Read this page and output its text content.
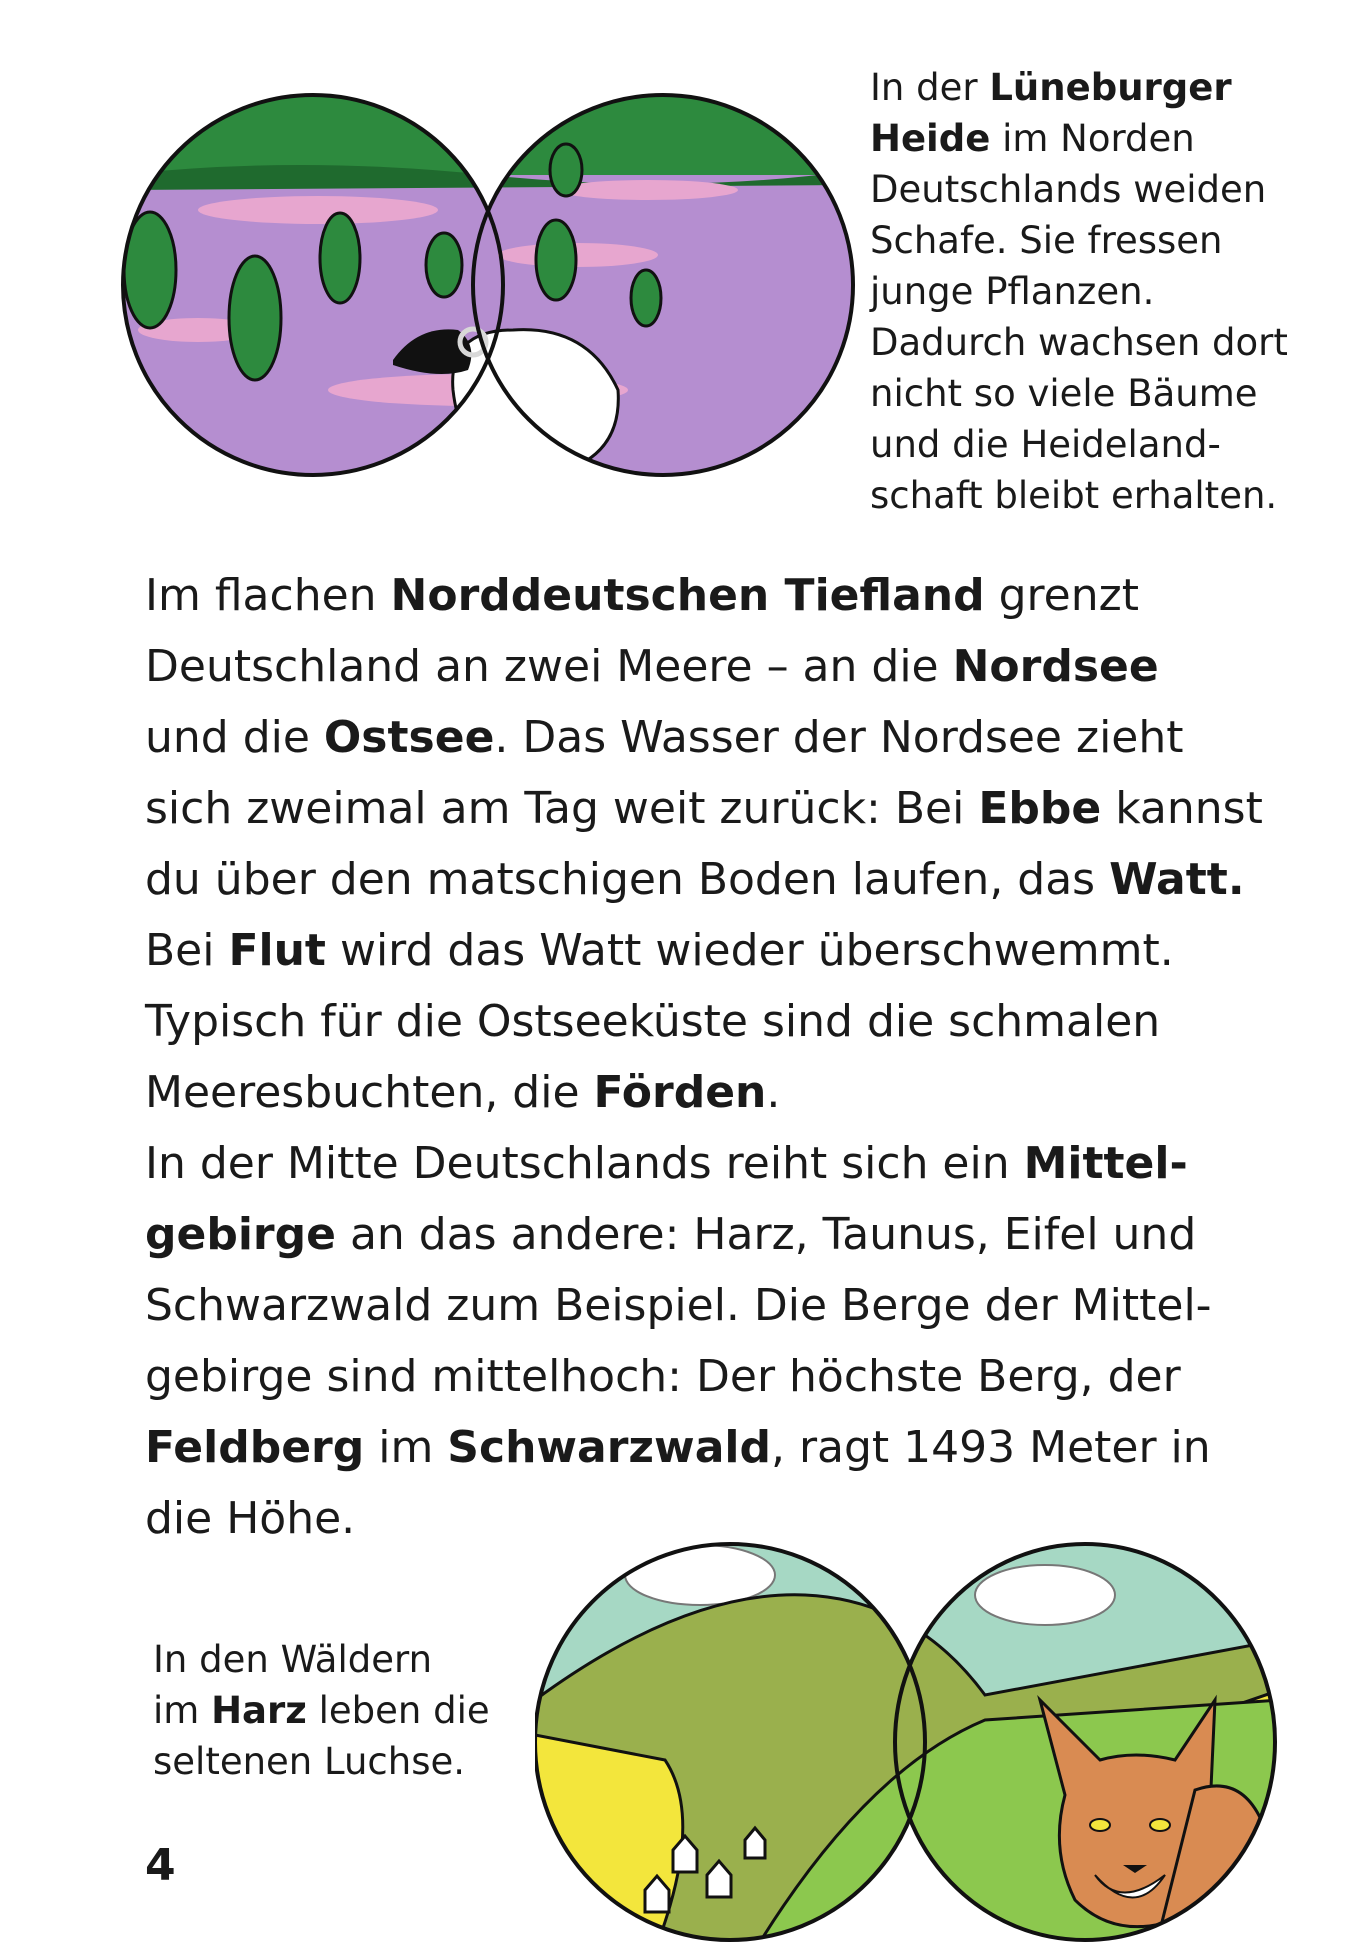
In der Lüneburger
Heide im Norden
Deutschlands weiden
Schafe. Sie fressen
junge Pflanzen.
Dadurch wachsen dort
nicht so viele Bäume
und die Heideland-
schaft bleibt erhalten.

Im flachen Norddeutschen Tiefland grenzt
Deutschland an zwei Meere – an die Nordsee
und die Ostsee. Das Wasser der Nordsee zieht
sich zweimal am Tag weit zurück: Bei Ebbe kannst
du über den matschigen Boden laufen, das Watt.
Bei Flut wird das Watt wieder überschwemmt.
Typisch für die Ostseeküste sind die schmalen
Meeresbuchten, die Förden.
In der Mitte Deutschlands reiht sich ein Mittel-
gebirge an das andere: Harz, Taunus, Eifel und
Schwarzwald zum Beispiel. Die Berge der Mittel-
gebirge sind mittelhoch: Der höchste Berg, der
Feldberg im Schwarzwald, ragt 1493 Meter in
die Höhe.

In den Wäldern
im Harz leben die
seltenen Luchse.

4
